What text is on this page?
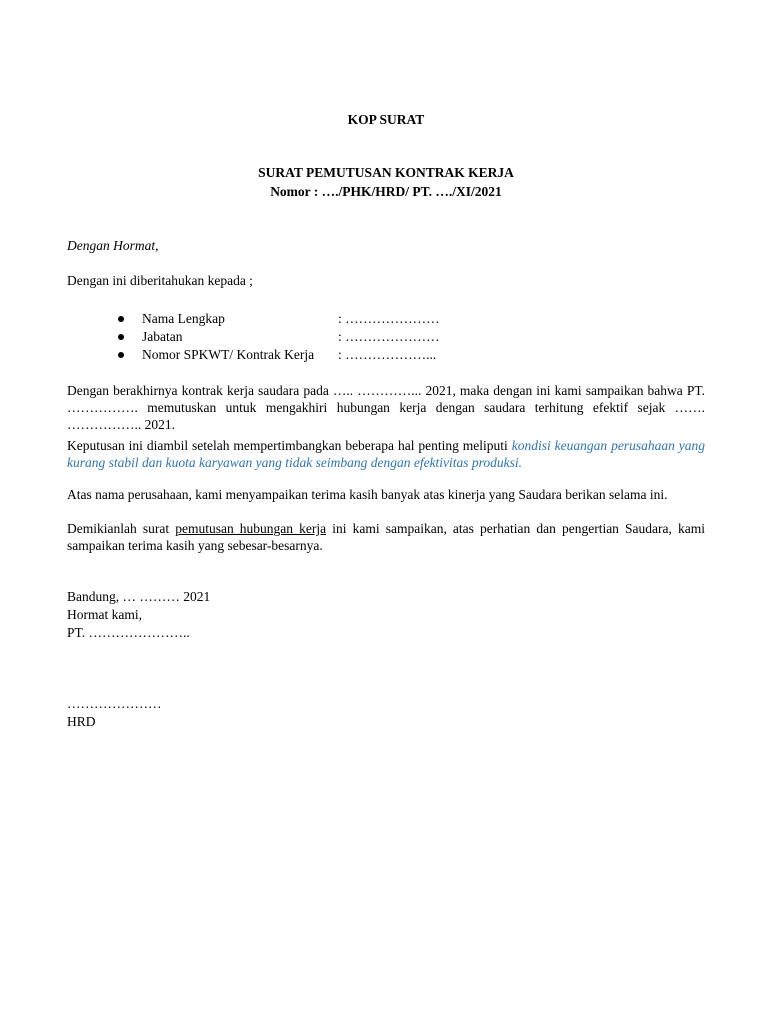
KOP SURAT
SURAT PEMUTUSAN KONTRAK KERJA
Nomor : …./PHK/HRD/ PT. …./XI/2021
Dengan Hormat,
Dengan ini diberitahukan kepada ;
Nama Lengkap	: …………………
Jabatan	: …………………
Nomor SPKWT/ Kontrak Kerja : ………………...
Dengan berakhirnya kontrak kerja saudara pada ….. …………... 2021, maka dengan ini kami sampaikan bahwa PT. ……………. memutuskan untuk mengakhiri hubungan kerja dengan saudara terhitung efektif sejak ……. …………….. 2021.
Keputusan ini diambil setelah mempertimbangkan beberapa hal penting meliputi kondisi keuangan perusahaan yang kurang stabil dan kuota karyawan yang tidak seimbang dengan efektivitas produksi.
Atas nama perusahaan, kami menyampaikan terima kasih banyak atas kinerja yang Saudara berikan selama ini.
Demikianlah surat pemutusan hubungan kerja ini kami sampaikan, atas perhatian dan pengertian Saudara, kami sampaikan terima kasih yang sebesar-besarnya.
Bandung, … ……… 2021
Hormat kami,
PT. …………………..
…………………
HRD
